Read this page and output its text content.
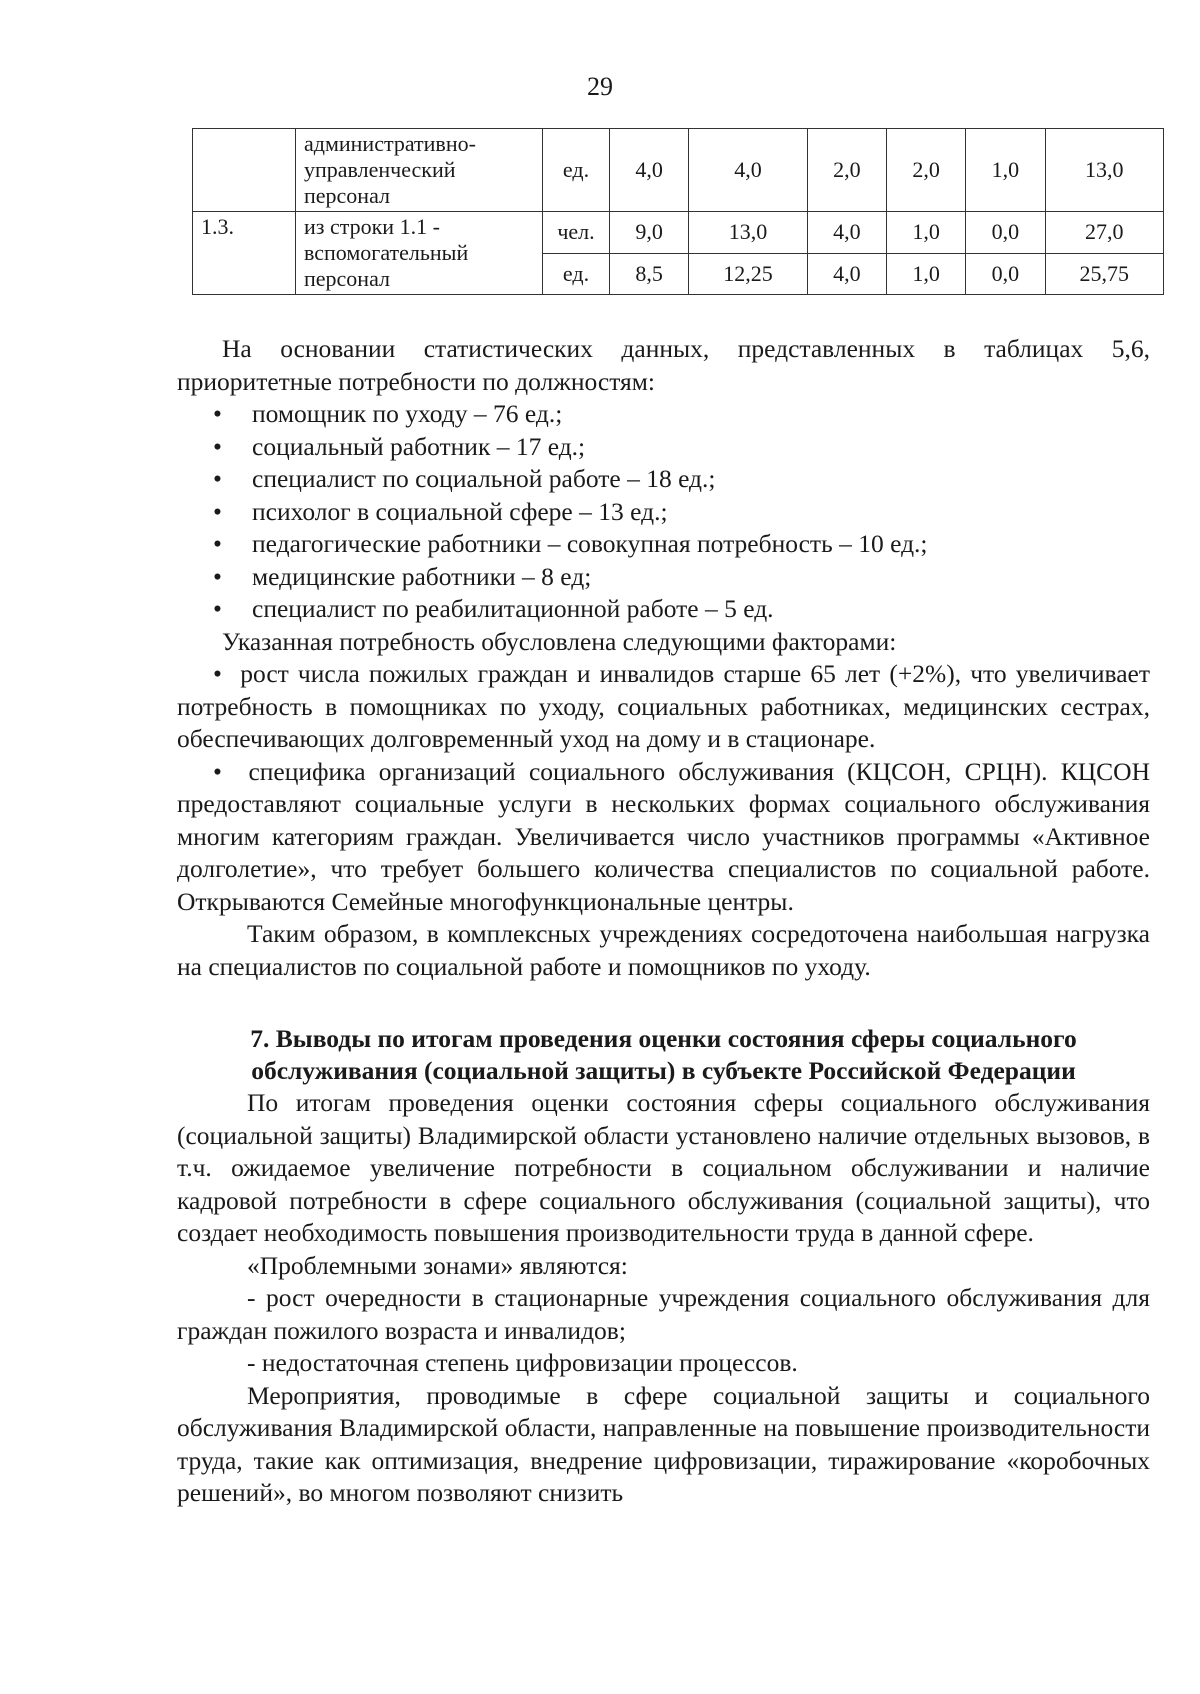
29
	административно-управленческий персонал	ед.	4,0	4,0	2,0	2,0	1,0	13,0
1.3.	из строки 1.1 - вспомогательный персонал	чел.	9,0	13,0	4,0	1,0	0,0	27,0
		ед.	8,5	12,25	4,0	1,0	0,0	25,75

На основании статистических данных, представленных в таблицах 5,6, приоритетные потребности по должностям:

• помощник по уходу – 76 ед.;
• социальный работник – 17 ед.;
• специалист по социальной работе – 18 ед.;
• психолог в социальной сфере – 13 ед.;
• педагогические работники – совокупная потребность – 10 ед.;
• медицинские работники – 8 ед;
• специалист по реабилитационной работе – 5 ед.

Указанная потребность обусловлена следующими факторами:

•  рост числа пожилых граждан и инвалидов старше 65 лет (+2%), что увеличивает потребность в помощниках по уходу, социальных работниках, медицинских сестрах, обеспечивающих долговременный уход на дому и в стационаре.

•  специфика организаций социального обслуживания (КЦСОН, СРЦН). КЦСОН предоставляют социальные услуги в нескольких формах социального обслуживания многим категориям граждан. Увеличивается число участников программы «Активное долголетие», что требует большего количества специалистов по социальной работе. Открываются Семейные многофункциональные центры.

Таким образом, в комплексных учреждениях сосредоточена наибольшая нагрузка на специалистов по социальной работе и помощников по уходу.

7. Выводы по итогам проведения оценки состояния сферы социального обслуживания (социальной защиты) в субъекте Российской Федерации

По итогам проведения оценки состояния сферы социального обслуживания (социальной защиты) Владимирской области установлено наличие отдельных вызовов, в т.ч. ожидаемое увеличение потребности в социальном обслуживании и наличие кадровой потребности в сфере социального обслуживания (социальной защиты), что создает необходимость повышения производительности труда в данной сфере.

«Проблемными зонами» являются:

- рост очередности в стационарные учреждения социального обслуживания для граждан пожилого возраста и инвалидов;

- недостаточная степень цифровизации процессов.

Мероприятия, проводимые в сфере социальной защиты и социального обслуживания Владимирской области, направленные на повышение производительности труда, такие как оптимизация, внедрение цифровизации, тиражирование «коробочных решений», во многом позволяют снизить
